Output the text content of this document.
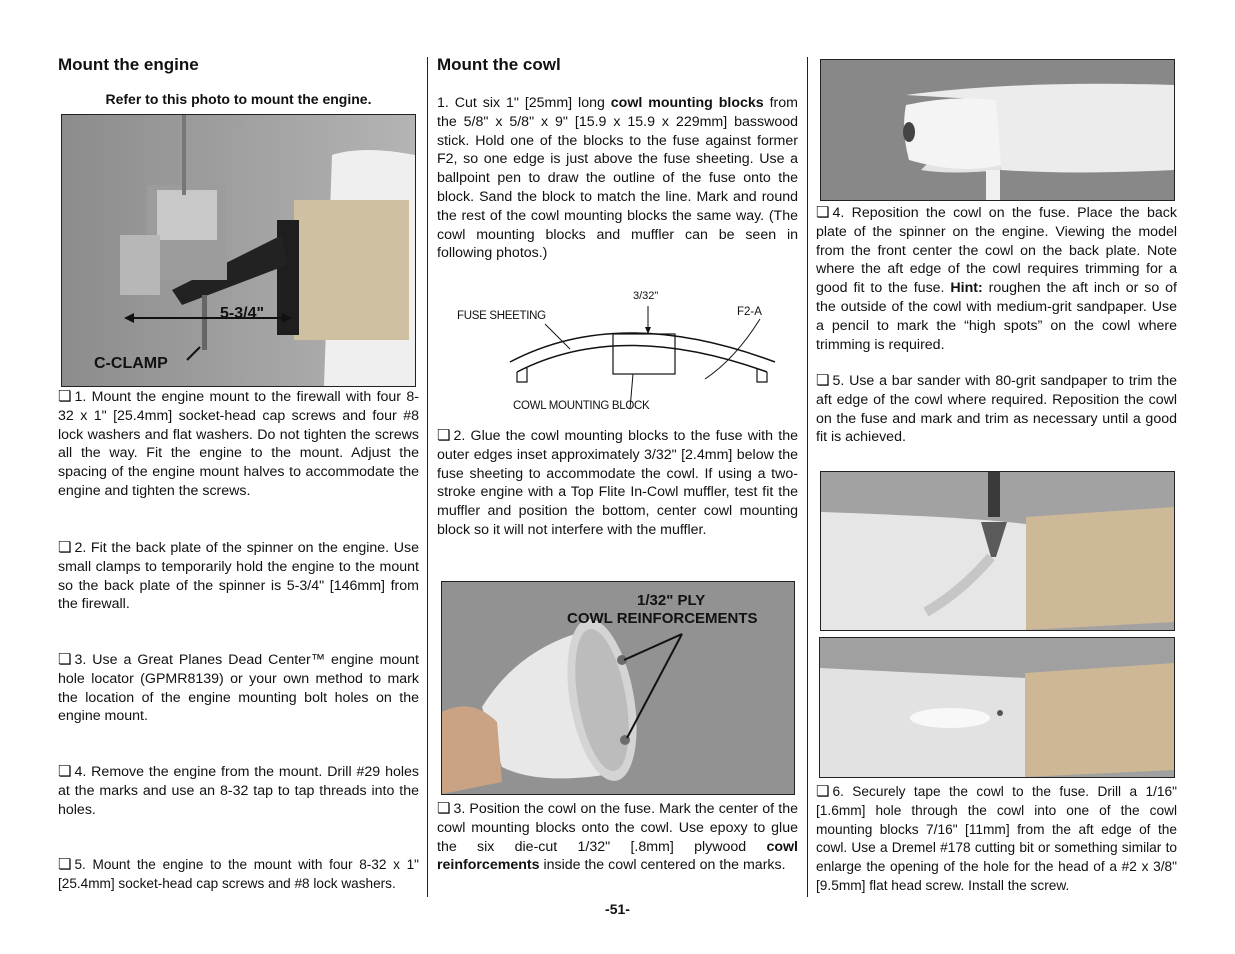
Mount the engine
Refer to this photo to mount the engine.
5-3/4"
C-CLAMP

❏ 1. Mount the engine mount to the firewall with four 8-32 x 1" [25.4mm] socket-head cap screws and four #8 lock washers and flat washers. Do not tighten the screws all the way. Fit the engine to the mount. Adjust the spacing of the engine mount halves to accommodate the engine and tighten the screws.

❏ 2. Fit the back plate of the spinner on the engine. Use small clamps to temporarily hold the engine to the mount so the back plate of the spinner is 5-3/4" [146mm] from the firewall.

❏ 3. Use a Great Planes Dead Center™ engine mount hole locator (GPMR8139) or your own method to mark the location of the engine mounting bolt holes on the engine mount.

❏ 4. Remove the engine from the mount. Drill #29 holes at the marks and use an 8-32 tap to tap threads into the holes.

❏ 5. Mount the engine to the mount with four 8-32 x 1" [25.4mm] socket-head cap screws and #8 lock washers.

Mount the cowl

1. Cut six 1" [25mm] long cowl mounting blocks from the 5/8" x 5/8" x 9" [15.9 x 15.9 x 229mm] basswood stick. Hold one of the blocks to the fuse against former F2, so one edge is just above the fuse sheeting. Use a ballpoint pen to draw the outline of the fuse onto the block. Sand the block to match the line. Mark and round the rest of the cowl mounting blocks the same way. (The cowl mounting blocks and muffler can be seen in following photos.)

FUSE SHEETING
3/32"
F2-A
COWL MOUNTING BLOCK

❏ 2. Glue the cowl mounting blocks to the fuse with the outer edges inset approximately 3/32" [2.4mm] below the fuse sheeting to accommodate the cowl. If using a two-stroke engine with a Top Flite In-Cowl muffler, test fit the muffler and position the bottom, center cowl mounting block so it will not interfere with the muffler.

1/32" PLY
COWL REINFORCEMENTS

❏ 3. Position the cowl on the fuse. Mark the center of the cowl mounting blocks onto the cowl. Use epoxy to glue the six die-cut 1/32" [.8mm] plywood cowl reinforcements inside the cowl centered on the marks.

❏ 4. Reposition the cowl on the fuse. Place the back plate of the spinner on the engine. Viewing the model from the front center the cowl on the back plate. Note where the aft edge of the cowl requires trimming for a good fit to the fuse. Hint: roughen the aft inch or so of the outside of the cowl with medium-grit sandpaper. Use a pencil to mark the “high spots” on the cowl where trimming is required.

❏ 5. Use a bar sander with 80-grit sandpaper to trim the aft edge of the cowl where required. Reposition the cowl on the fuse and mark and trim as necessary until a good fit is achieved.

❏ 6. Securely tape the cowl to the fuse. Drill a 1/16" [1.6mm] hole through the cowl into one of the cowl mounting blocks 7/16" [11mm] from the aft edge of the cowl. Use a Dremel #178 cutting bit or something similar to enlarge the opening of the hole for the head of a #2 x 3/8" [9.5mm] flat head screw. Install the screw.

-51-
